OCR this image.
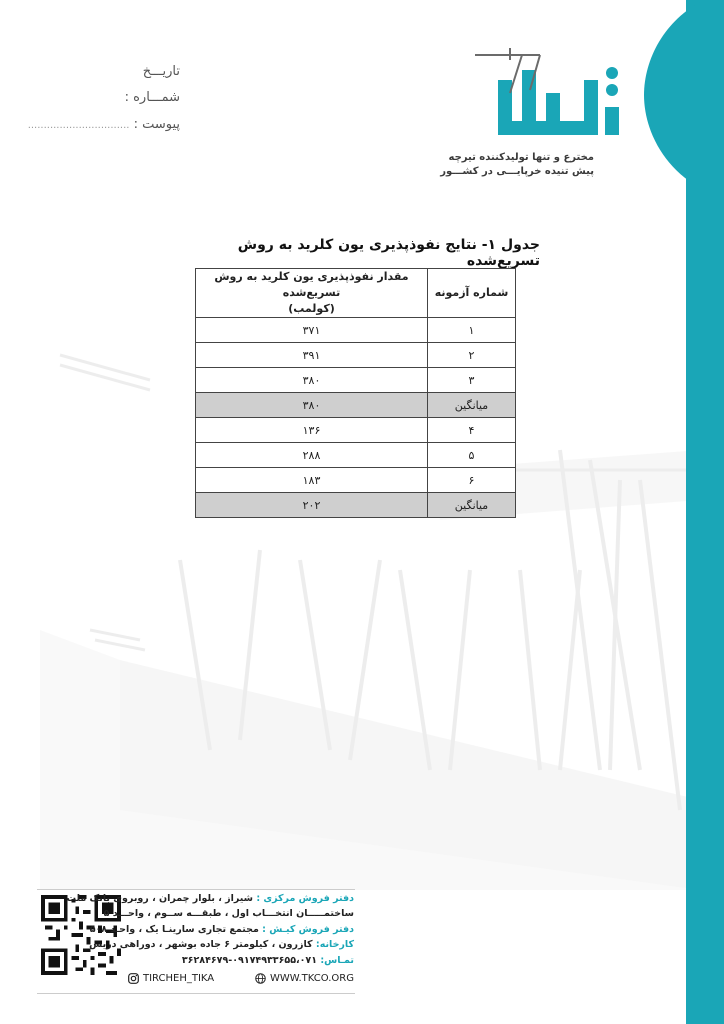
مخترع و تنها تولیدکننده تیرچه
پیش تنیده خرپایـــی در کشـــور
تاریـــخ
شمـــاره :
پیوست : ................................
جدول ۱- نتایج نفوذپذیری یون کلرید به روش تسریع‌شده
شماره آزمونه	مقدار نفوذپذیری یون کلرید به روش تسریع‌شده
(کولمب)

۱	۳۷۱
۲	۳۹۱
۳	۳۸۰
میانگین	۳۸۰
۴	۱۳۶
۵	۲۸۸
۶	۱۸۳
میانگین	۲۰۲
دفتر فروش مرکزی : شیراز ، بلوار چمران ، روبروی بانک ملت
ساختمـــــان انتخـــاب اول ، طبقـــه ســوم ، واحـــد ۵
دفتر فروش کیـش : مجتمع تجاری سارینـا یک ، واحـد ۵۰۸
کارخانه: کازرون ، کیلومتر ۶ جاده بوشهر ، دوراهی دریس
تمـاس: ۰۹۱۷۴۹۳۳۶۵۵،۰۷۱-۳۶۲۸۴۶۷۹
TIRCHEH_TIKA	WWW.TKCO.ORG
